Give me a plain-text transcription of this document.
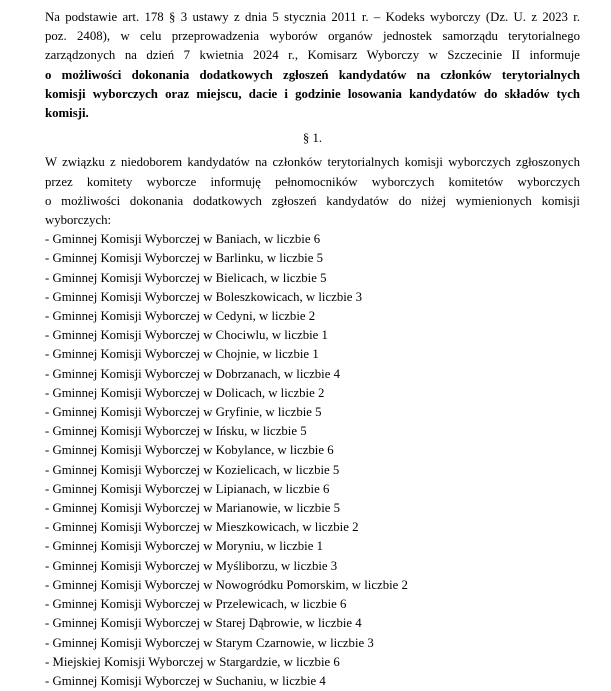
Na podstawie art. 178 § 3 ustawy z dnia 5 stycznia 2011 r. – Kodeks wyborczy (Dz. U. z 2023 r.
poz. 2408), w celu przeprowadzenia wyborów organów jednostek samorządu terytorialnego
zarządzonych na dzień 7 kwietnia 2024 r., Komisarz Wyborczy w Szczecinie II informuje
o możliwości dokonania dodatkowych zgłoszeń kandydatów na członków terytorialnych
komisji wyborczych oraz miejscu, dacie i godzinie losowania kandydatów do składów tych
komisji.
§ 1.
W związku z niedoborem kandydatów na członków terytorialnych komisji wyborczych zgłoszonych
przez komitety wyborcze informuję pełnomocników wyborczych komitetów wyborczych
o możliwości dokonania dodatkowych zgłoszeń kandydatów do niżej wymienionych komisji
wyborczych:
- Gminnej Komisji Wyborczej w Baniach, w liczbie 6
- Gminnej Komisji Wyborczej w Barlinku, w liczbie 5
- Gminnej Komisji Wyborczej w Bielicach, w liczbie 5
- Gminnej Komisji Wyborczej w Boleszkowicach, w liczbie 3
- Gminnej Komisji Wyborczej w Cedyni, w liczbie 2
- Gminnej Komisji Wyborczej w Chociwlu, w liczbie 1
- Gminnej Komisji Wyborczej w Chojnie, w liczbie 1
- Gminnej Komisji Wyborczej w Dobrzanach, w liczbie 4
- Gminnej Komisji Wyborczej w Dolicach, w liczbie 2
- Gminnej Komisji Wyborczej w Gryfinie, w liczbie 5
- Gminnej Komisji Wyborczej w Ińsku, w liczbie 5
- Gminnej Komisji Wyborczej w Kobylance, w liczbie 6
- Gminnej Komisji Wyborczej w Kozielicach, w liczbie 5
- Gminnej Komisji Wyborczej w Lipianach, w liczbie 6
- Gminnej Komisji Wyborczej w Marianowie, w liczbie 5
- Gminnej Komisji Wyborczej w Mieszkowicach, w liczbie 2
- Gminnej Komisji Wyborczej w Moryniu, w liczbie 1
- Gminnej Komisji Wyborczej w Myśliborzu, w liczbie 3
- Gminnej Komisji Wyborczej w Nowogródku Pomorskim, w liczbie 2
- Gminnej Komisji Wyborczej w Przelewicach, w liczbie 6
- Gminnej Komisji Wyborczej w Starej Dąbrowie, w liczbie 4
- Gminnej Komisji Wyborczej w Starym Czarnowie, w liczbie 3
- Miejskiej Komisji Wyborczej w Stargardzie, w liczbie 6
- Gminnej Komisji Wyborczej w Suchaniu, w liczbie 4
